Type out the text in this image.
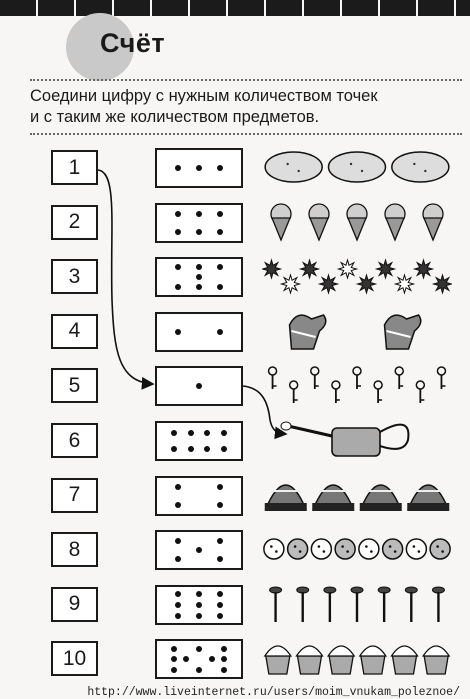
Счёт
Соедини цифру с нужным количеством точек
и с таким же количеством предметов.
1
2
3
4
5
6
7
8
9
10
http://www.liveinternet.ru/users/moim_vnukam_poleznoe/
